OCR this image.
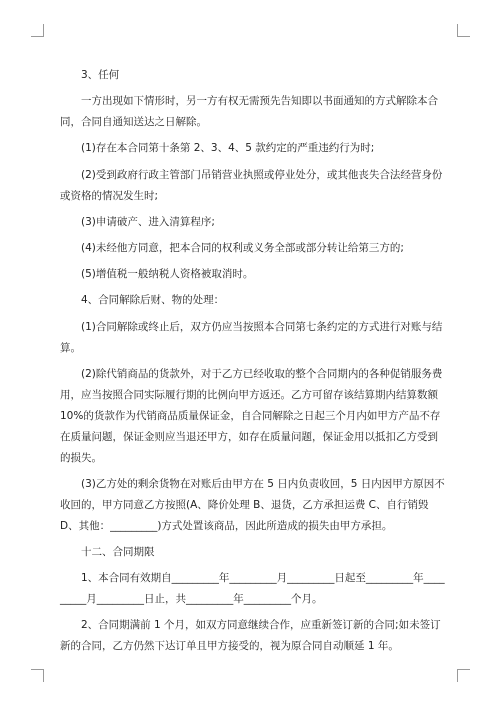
3、任何

一方出现如下情形时，另一方有权无需预先告知即以书面通知的方式解除本合同，合同自通知送达之日解除。

(1)存在本合同第十条第 2、3、4、5 款约定的严重违约行为时;

(2)受到政府行政主管部门吊销营业执照或停业处分，或其他丧失合法经营身份或资格的情况发生时;

(3)申请破产、进入清算程序;

(4)未经他方同意，把本合同的权利或义务全部或部分转让给第三方的;

(5)增值税一般纳税人资格被取消时。

4、合同解除后财、物的处理：

(1)合同解除或终止后，双方仍应当按照本合同第七条约定的方式进行对账与结算。

(2)除代销商品的货款外，对于乙方已经收取的整个合同期内的各种促销服务费用，应当按照合同实际履行期的比例向甲方返还。乙方可留存该结算期内结算数额 10%的货款作为代销商品质量保证金，自合同解除之日起三个月内如甲方产品不存在质量问题，保证金则应当退还甲方，如存在质量问题，保证金用以抵扣乙方受到的损失。

(3)乙方处的剩余货物在对账后由甲方在 5 日内负责收回，5 日内因甲方原因不收回的，甲方同意乙方按照(A、降价处理 B、退货，乙方承担运费 C、自行销毁 D、其他：_________)方式处置该商品，因此所造成的损失由甲方承担。

十二、合同期限

1、本合同有效期自_________年_________月_________日起至_________年_________月_________日止，共_________年_________个月。

2、合同期满前 1 个月，如双方同意继续合作，应重新签订新的合同;如未签订新的合同，乙方仍然下达订单且甲方接受的，视为原合同自动顺延 1 年。
